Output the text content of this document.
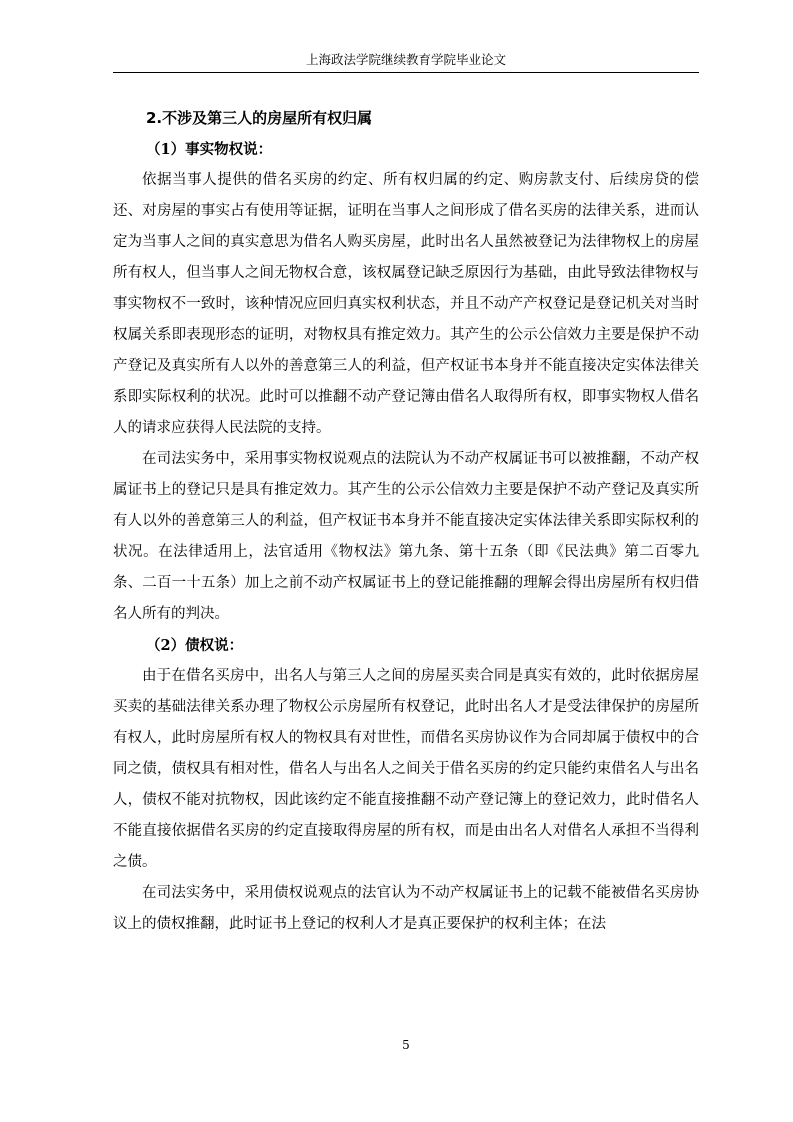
上海政法学院继续教育学院毕业论文
2.不涉及第三人的房屋所有权归属
（1）事实物权说：

依据当事人提供的借名买房的约定、所有权归属的约定、购房款支付、后续房贷的偿还、对房屋的事实占有使用等证据，证明在当事人之间形成了借名买房的法律关系，进而认定为当事人之间的真实意思为借名人购买房屋，此时出名人虽然被登记为法律物权上的房屋所有权人，但当事人之间无物权合意，该权属登记缺乏原因行为基础，由此导致法律物权与事实物权不一致时，该种情况应回归真实权利状态，并且不动产产权登记是登记机关对当时权属关系即表现形态的证明，对物权具有推定效力。其产生的公示公信效力主要是保护不动产登记及真实所有人以外的善意第三人的利益，但产权证书本身并不能直接决定实体法律关系即实际权利的状况。此时可以推翻不动产登记簿由借名人取得所有权，即事实物权人借名人的请求应获得人民法院的支持。

在司法实务中，采用事实物权说观点的法院认为不动产权属证书可以被推翻，不动产权属证书上的登记只是具有推定效力。其产生的公示公信效力主要是保护不动产登记及真实所有人以外的善意第三人的利益，但产权证书本身并不能直接决定实体法律关系即实际权利的状况。在法律适用上，法官适用《物权法》第九条、第十五条（即《民法典》第二百零九条、二百一十五条）加上之前不动产权属证书上的登记能推翻的理解会得出房屋所有权归借名人所有的判决。

（2）债权说：

由于在借名买房中，出名人与第三人之间的房屋买卖合同是真实有效的，此时依据房屋买卖的基础法律关系办理了物权公示房屋所有权登记，此时出名人才是受法律保护的房屋所有权人，此时房屋所有权人的物权具有对世性，而借名买房协议作为合同却属于债权中的合同之债，债权具有相对性，借名人与出名人之间关于借名买房的约定只能约束借名人与出名人，债权不能对抗物权，因此该约定不能直接推翻不动产登记簿上的登记效力，此时借名人不能直接依据借名买房的约定直接取得房屋的所有权，而是由出名人对借名人承担不当得利之债。

在司法实务中，采用债权说观点的法官认为不动产权属证书上的记载不能被借名买房协议上的债权推翻，此时证书上登记的权利人才是真正要保护的权利主体；在法

5
